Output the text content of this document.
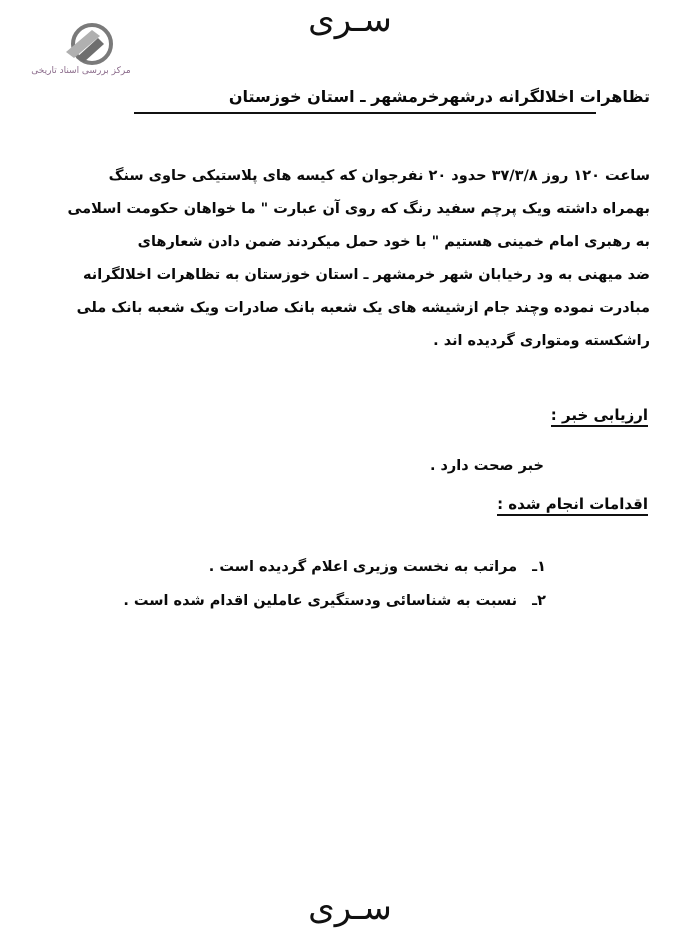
سـری
مرکز بررسی اسناد تاریخی
تظاهرات اخلالگرانه درشهرخرمشهر ـ استان خوزستان
ساعت ۱۲۰ روز ۳۷/۳/۸ حدود ۲۰ نفرجوان که کیسه های پلاستیکی حاوی سنگ
بهمراه داشته ویک پرچم سفید رنگ که روی آن عبارت " ما خواهان حکومت اسلامی
به رهبری امام خمینی هستیم " با خود حمل میکردند ضمن دادن شعارهای
ضد میهنی به ود رخیابان شهر خرمشهر ـ استان خوزستان به تظاهرات اخلالگرانه
مبادرت نموده وچند جام ازشیشه های یک شعبه بانک صادرات ویک شعبه بانک ملی
راشکسته ومتواری گردیده اند .
ارزیابی خبر :
خبر صحت دارد .
اقدامات انجام شده :
۱ـ مراتب به نخست وزیری اعلام گردیده است .
۲ـ نسبت به شناسائی ودستگیری عاملین اقدام شده است .
سـری
